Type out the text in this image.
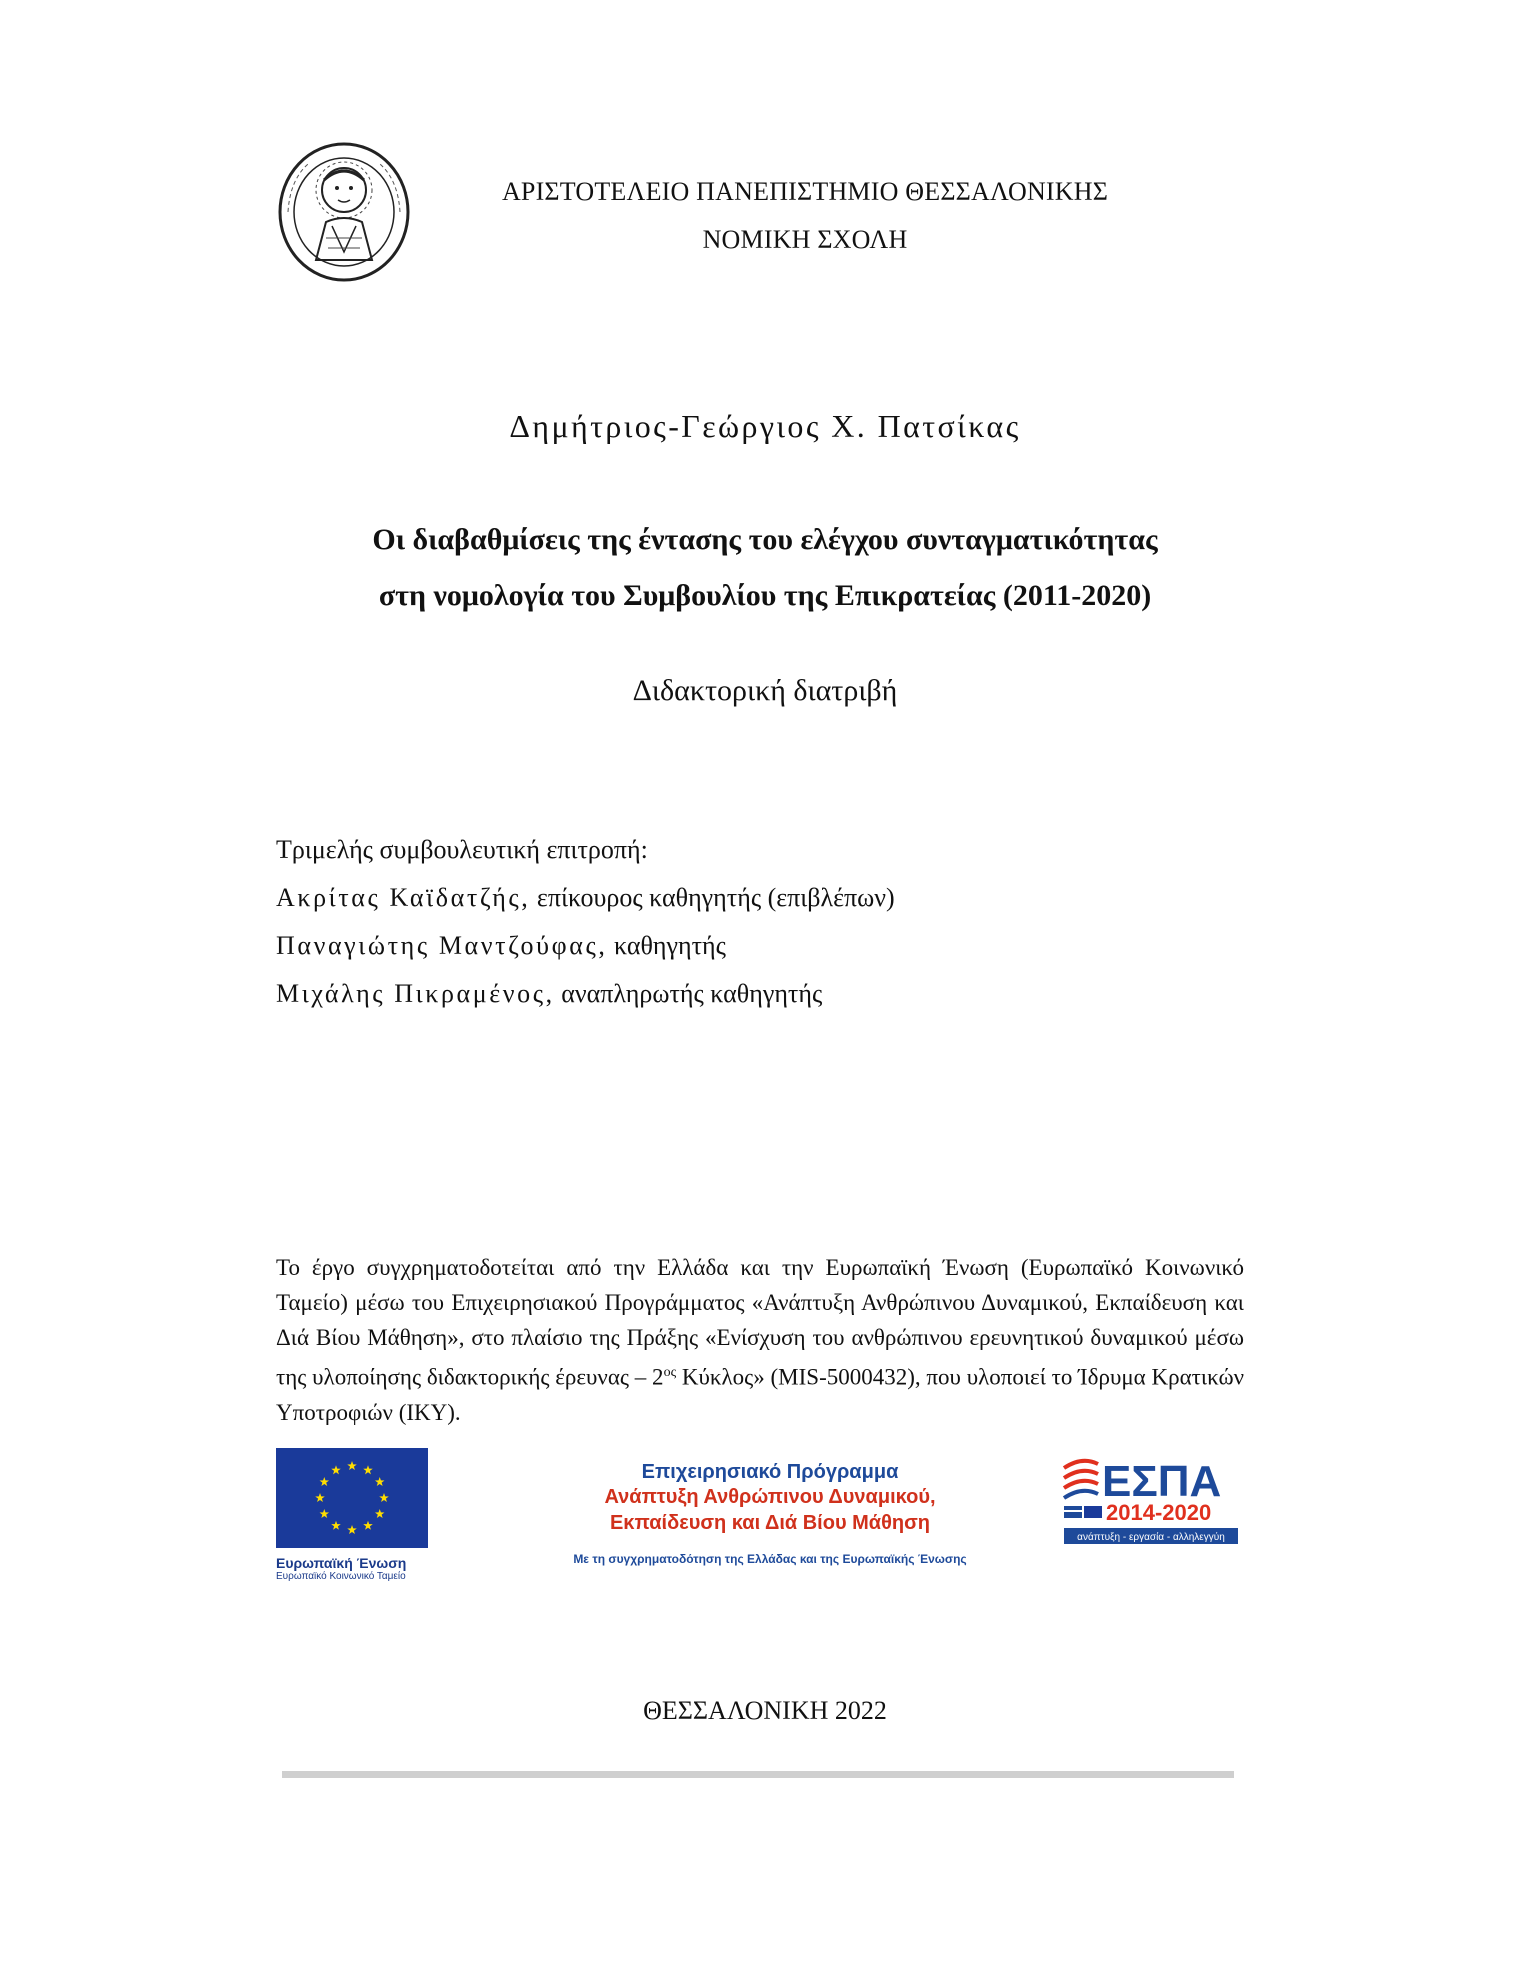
ΑΡΙΣΤΟΤΕΛΕΙΟ ΠΑΝΕΠΙΣΤΗΜΙΟ ΘΕΣΣΑΛΟΝΙΚΗΣ
ΝΟΜΙΚΗ ΣΧΟΛΗ
Δημήτριος-Γεώργιος Χ. Πατσίκας
Οι διαβαθμίσεις της έντασης του ελέγχου συνταγματικότητας
στη νομολογία του Συμβουλίου της Επικρατείας (2011-2020)
Διδακτορική διατριβή
Τριμελής συμβουλευτική επιτροπή:
Ακρίτας Καϊδατζής, επίκουρος καθηγητής (επιβλέπων)
Παναγιώτης Μαντζούφας, καθηγητής
Μιχάλης Πικραμένος, αναπληρωτής καθηγητής
Το έργο συγχρηματοδοτείται από την Ελλάδα και την Ευρωπαϊκή Ένωση (Ευρωπαϊκό Κοινωνικό Ταμείο) μέσω του Επιχειρησιακού Προγράμματος «Ανάπτυξη Ανθρώπινου Δυναμικού, Εκπαίδευση και Διά Βίου Μάθηση», στο πλαίσιο της Πράξης «Ενίσχυση του ανθρώπινου ερευνητικού δυναμικού μέσω της υλοποίησης διδακτορικής έρευνας – $2^{o\varsigma}$ Κύκλος» (MIS-5000432), που υλοποιεί το Ίδρυμα Κρατικών Υποτροφιών (ΙΚΥ).
Ευρωπαϊκή Ένωση
Ευρωπαϊκό Κοινωνικό Ταμείο
Επιχειρησιακό Πρόγραμμα
Ανάπτυξη Ανθρώπινου Δυναμικού,
Εκπαίδευση και Διά Βίου Μάθηση
Με τη συγχρηματοδότηση της Ελλάδας και της Ευρωπαϊκής Ένωσης
ΕΣΠΑ
2014-2020
ανάπτυξη - εργασία - αλληλεγγύη
ΘΕΣΣΑΛΟΝΙΚΗ 2022
